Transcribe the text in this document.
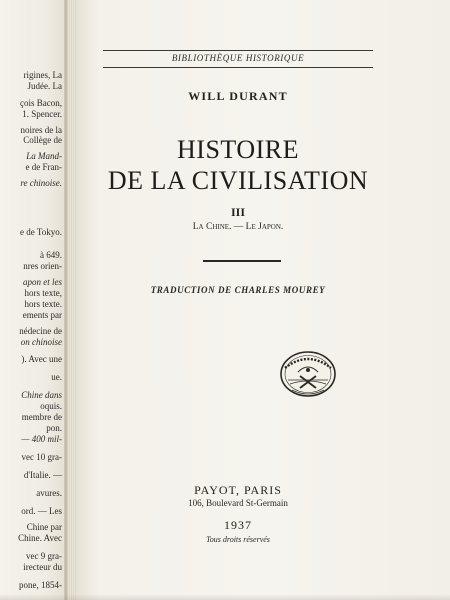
rigines, La
Judée. La
çois Bacon,
1. Spencer.
noires de la
Collège de
La Mand-
e de Fran-
re chinoise.
e de Tokyo.
à 649.
nres orien-
apon et les
hors texte,
hors texte.
ements par
nédecine de
on chinoise
). Avec une
ue.
Chine dans
oquis.
membre de
pon.
— 400 mil-
vec 10 gra-
d'Italie. —
avures.
ord. — Les
Chine par
Chine. Avec
vec 9 gra-
irecteur du
pone, 1854-
BIBLIOTHÈQUE HISTORIQUE
WILL DURANT
HISTOIRE
DE LA CIVILISATION
III
La Chine. — Le Japon.
TRADUCTION DE CHARLES MOUREY
PAYOT, PARIS
106, Boulevard St-Germain
1937
Tous droits réservés
